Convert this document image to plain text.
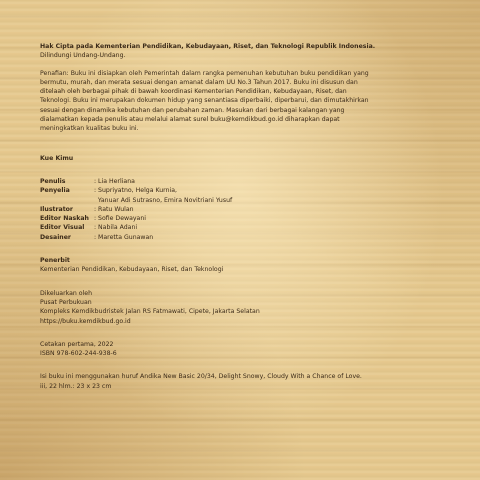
Hak Cipta pada Kementerian Pendidikan, Kebudayaan, Riset, dan Teknologi Republik Indonesia.

Dilindungi Undang-Undang.

Penafian: Buku ini disiapkan oleh Pemerintah dalam rangka pemenuhan kebutuhan buku pendidikan yang

bermutu, murah, dan merata sesuai dengan amanat dalam UU No.3 Tahun 2017. Buku ini disusun dan

ditelaah oleh berbagai pihak di bawah koordinasi Kementerian Pendidikan, Kebudayaan, Riset, dan

Teknologi. Buku ini merupakan dokumen hidup yang senantiasa diperbaiki, diperbarui, dan dimutakhirkan

sesuai dengan dinamika kebutuhan dan perubahan zaman. Masukan dari berbagai kalangan yang

dialamatkan kepada penulis atau melalui alamat surel buku@kemdikbud.go.id diharapkan dapat

meningkatkan kualitas buku ini.

Kue Kimu

Penulis	: Lia Herliana
Penyelia	: Supriyatno, Helga Kurnia,
Yanuar Adi Sutrasno, Emira Novitriani Yusuf
Ilustrator	: Ratu Wulan
Editor Naskah : Sofie Dewayani
Editor Visual	: Nabila Adani
Desainer	: Maretta Gunawan

Penerbit

Kementerian Pendidikan, Kebudayaan, Riset, dan Teknologi

Dikeluarkan oleh

Pusat Perbukuan

Kompleks Kemdikbudristek Jalan RS Fatmawati, Cipete, Jakarta Selatan

https://buku.kemdikbud.go.id

Cetakan pertama, 2022

ISBN 978-602-244-938-6

Isi buku ini menggunakan huruf Andika New Basic 20/34, Delight Snowy, Cloudy With a Chance of Love.

iii, 22 hlm.: 23 x 23 cm
